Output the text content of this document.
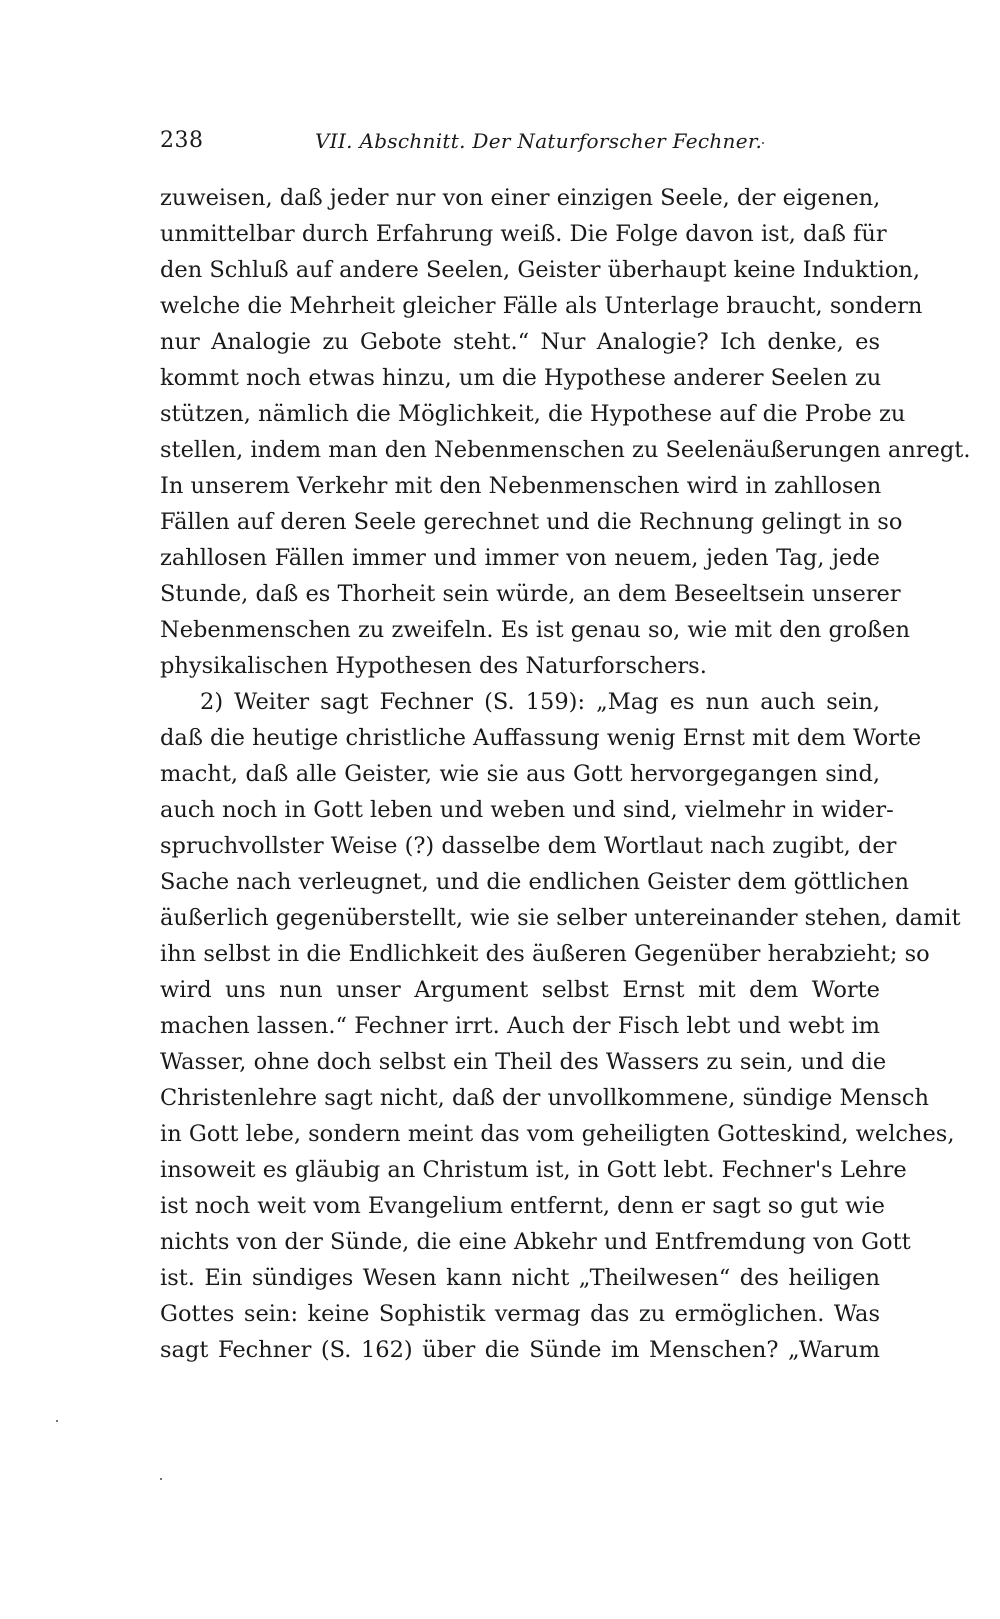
238	VII. Abschnitt. Der Naturforscher Fechner.
zuweisen, daß jeder nur von einer einzigen Seele, der eigenen,
unmittelbar durch Erfahrung weiß. Die Folge davon ist, daß für
den Schluß auf andere Seelen, Geister überhaupt keine Induktion,
welche die Mehrheit gleicher Fälle als Unterlage braucht, sondern
nur Analogie zu Gebote steht.“ Nur Analogie? Ich denke, es
kommt noch etwas hinzu, um die Hypothese anderer Seelen zu
stützen, nämlich die Möglichkeit, die Hypothese auf die Probe zu
stellen, indem man den Nebenmenschen zu Seelenäußerungen anregt.
In unserem Verkehr mit den Nebenmenschen wird in zahllosen
Fällen auf deren Seele gerechnet und die Rechnung gelingt in so
zahllosen Fällen immer und immer von neuem, jeden Tag, jede
Stunde, daß es Thorheit sein würde, an dem Beseeltsein unserer
Nebenmenschen zu zweifeln. Es ist genau so, wie mit den großen
physikalischen Hypothesen des Naturforschers.
2) Weiter sagt Fechner (S. 159): „Mag es nun auch sein,
daß die heutige christliche Auffassung wenig Ernst mit dem Worte
macht, daß alle Geister, wie sie aus Gott hervorgegangen sind,
auch noch in Gott leben und weben und sind, vielmehr in wider-
spruchvollster Weise (?) dasselbe dem Wortlaut nach zugibt, der
Sache nach verleugnet, und die endlichen Geister dem göttlichen
äußerlich gegenüberstellt, wie sie selber untereinander stehen, damit
ihn selbst in die Endlichkeit des äußeren Gegenüber herabzieht; so
wird uns nun unser Argument selbst Ernst mit dem Worte
machen lassen.“ Fechner irrt. Auch der Fisch lebt und webt im
Wasser, ohne doch selbst ein Theil des Wassers zu sein, und die
Christenlehre sagt nicht, daß der unvollkommene, sündige Mensch
in Gott lebe, sondern meint das vom geheiligten Gotteskind, welches,
insoweit es gläubig an Christum ist, in Gott lebt. Fechner's Lehre
ist noch weit vom Evangelium entfernt, denn er sagt so gut wie
nichts von der Sünde, die eine Abkehr und Entfremdung von Gott
ist. Ein sündiges Wesen kann nicht „Theilwesen“ des heiligen
Gottes sein: keine Sophistik vermag das zu ermöglichen. Was
sagt Fechner (S. 162) über die Sünde im Menschen? „Warum
